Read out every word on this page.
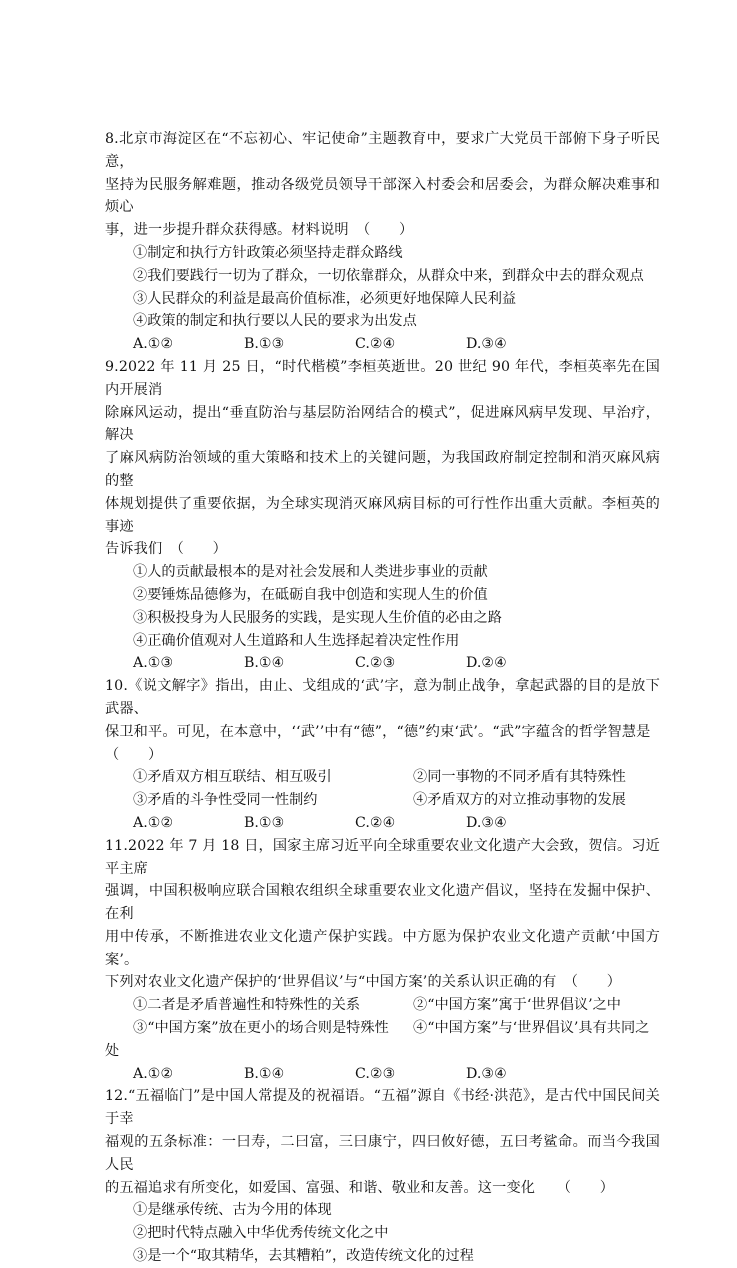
8.北京市海淀区在“不忘初心、牢记使命”主题教育中，要求广大党员干部俯下身子听民意，

坚持为民服务解难题，推动各级党员领导干部深入村委会和居委会，为群众解决难事和烦心

事，进一步提升群众获得感。材料说明　（　　）

①制定和执行方针政策必须坚持走群众路线

②我们要践行一切为了群众，一切依靠群众，从群众中来，到群众中去的群众观点

③人民群众的利益是最高价值标准，必须更好地保障人民利益

④政策的制定和执行要以人民的要求为出发点

A.①②	B.①③	C.②④	D.③④

9.2022 年 11 月 25 日，“时代楷模”李桓英逝世。20 世纪 90 年代，李桓英率先在国内开展消

除麻风运动，提出“垂直防治与基层防治网结合的模式”，促进麻风病早发现、早治疗，解决

了麻风病防治领域的重大策略和技术上的关键问题，为我国政府制定控制和消灭麻风病的整

体规划提供了重要依据，为全球实现消灭麻风病目标的可行性作出重大贡献。李桓英的事迹

告诉我们　（　　）

①人的贡献最根本的是对社会发展和人类进步事业的贡献

②要锤炼品德修为，在砥砺自我中创造和实现人生的价值

③积极投身为人民服务的实践，是实现人生价值的必由之路

④正确价值观对人生道路和人生选择起着决定性作用

A.①③	B.①④	C.②③	D.②④

10.《说文解字》指出，由止、戈组成的‘武’字，意为制止战争，拿起武器的目的是放下武器、

保卫和平。可见，在本意中，‘‘武’’中有“德”，“德”约束‘武’。“武”字蕴含的哲学智慧是

（　　）

①矛盾双方相互联结、相互吸引	②同一事物的不同矛盾有其特殊性
③矛盾的斗争性受同一性制约	④矛盾双方的对立推动事物的发展
A.①②	B.①③	C.②④	D.③④

11.2022 年 7 月 18 日，国家主席习近平向全球重要农业文化遗产大会致，贺信。习近平主席

强调，中国积极响应联合国粮农组织全球重要农业文化遗产倡议，坚持在发掘中保护、在利

用中传承，不断推进农业文化遗产保护实践。中方愿为保护农业文化遗产贡献‘中国方案’。

下列对农业文化遗产保护的‘世界倡议’与“中国方案’的关系认识正确的有　（　　）

①二者是矛盾普遍性和特殊性的关系	②“中国方案”寓于‘世界倡议’之中
③“中国方案”放在更小的场合则是特殊性	④“中国方案”与‘世界倡议’具有共同之

处

A.①②	B.①④	C.②③	D.③④

12.“五福临门”是中国人常提及的祝福语。“五福”源自《书经·洪范》，是古代中国民间关于幸

福观的五条标准：一曰寿，二曰富，三曰康宁，四曰攸好德，五曰考鲨命。而当今我国人民

的五福追求有所变化，如爱国、富强、和谐、敬业和友善。这一变化　　（　　）

①是继承传统、古为今用的体现

②把时代特点融入中华优秀传统文化之中

③是一个“取其精华，去其糟粕”，改造传统文化的过程
